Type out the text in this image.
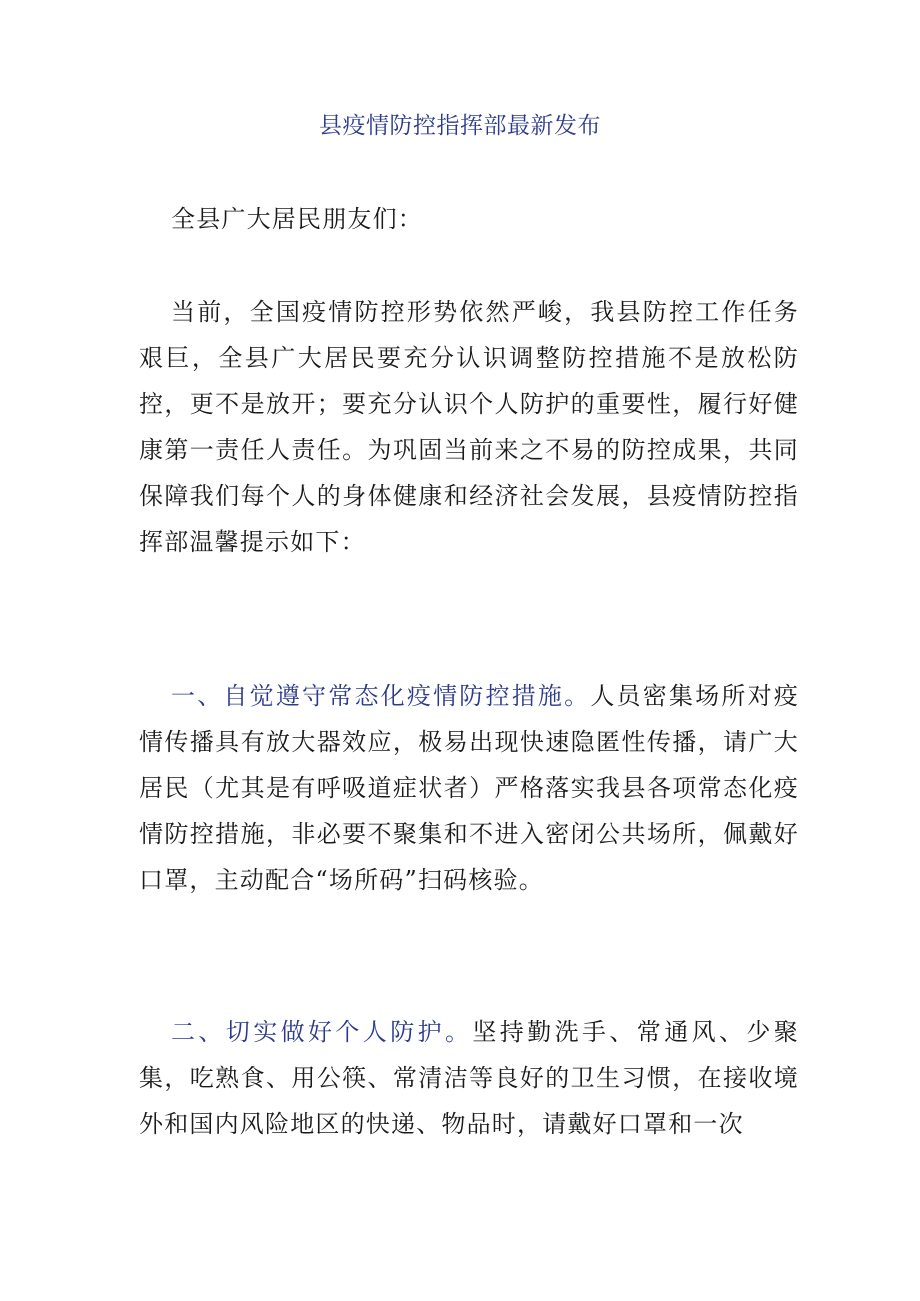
县疫情防控指挥部最新发布

全县广大居民朋友们：

当前，全国疫情防控形势依然严峻，我县防控工作任务艰巨，全县广大居民要充分认识调整防控措施不是放松防控，更不是放开；要充分认识个人防护的重要性，履行好健康第一责任人责任。为巩固当前来之不易的防控成果，共同保障我们每个人的身体健康和经济社会发展，县疫情防控指挥部温馨提示如下：

一、自觉遵守常态化疫情防控措施。人员密集场所对疫情传播具有放大器效应，极易出现快速隐匿性传播，请广大居民（尤其是有呼吸道症状者）严格落实我县各项常态化疫情防控措施，非必要不聚集和不进入密闭公共场所，佩戴好口罩，主动配合“场所码”扫码核验。

二、切实做好个人防护。坚持勤洗手、常通风、少聚集，吃熟食、用公筷、常清洁等良好的卫生习惯，在接收境外和国内风险地区的快递、物品时，请戴好口罩和一次
